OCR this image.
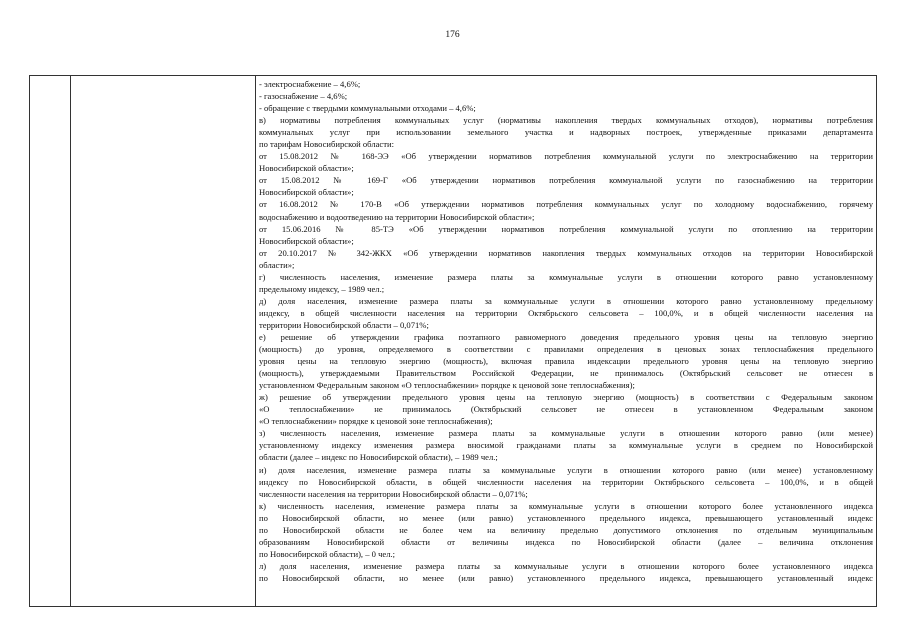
176
- электроснабжение – 4,6%;
- газоснабжение – 4,6%;
- обращение с твердыми коммунальными отходами – 4,6%;
в) нормативы потребления коммунальных услуг (нормативы накопления твердых коммунальных отходов), нормативы потребления
коммунальных услуг при использовании земельного участка и надворных построек, утвержденные приказами департамента
по тарифам Новосибирской области:
от 15.08.2012 № 168-ЭЭ «Об утверждении нормативов потребления коммунальной услуги по электроснабжению на территории
Новосибирской области»;
от 15.08.2012 № 169-Г «Об утверждении нормативов потребления коммунальной услуги по газоснабжению на территории
Новосибирской области»;
от 16.08.2012 № 170-В «Об утверждении нормативов потребления коммунальных услуг по холодному водоснабжению, горячему
водоснабжению и водоотведению на территории Новосибирской области»;
от 15.06.2016 № 85-ТЭ «Об утверждении нормативов потребления коммунальной услуги по отоплению на территории
Новосибирской области»;
от 20.10.2017 № 342-ЖКХ «Об утверждении нормативов накопления твердых коммунальных отходов на территории Новосибирской
области»;
г) численность населения, изменение размера платы за коммунальные услуги в отношении которого равно установленному
предельному индексу, – 1989 чел.;
д) доля населения, изменение размера платы за коммунальные услуги в отношении которого равно установленному предельному
индексу, в общей численности населения на территории Октябрьского сельсовета – 100,0%, и в общей численности населения на
территории Новосибирской области – 0,071%;
е) решение об утверждении графика поэтапного равномерного доведения предельного уровня цены на тепловую энергию
(мощность) до уровня, определяемого в соответствии с правилами определения в ценовых зонах теплоснабжения предельного
уровня цены на тепловую энергию (мощность), включая правила индексации предельного уровня цены на тепловую энергию
(мощность), утверждаемыми Правительством Российской Федерации, не принималось (Октябрьский сельсовет не отнесен в
установленном Федеральным законом «О теплоснабжении» порядке к ценовой зоне теплоснабжения);
ж) решение об утверждении предельного уровня цены на тепловую энергию (мощность) в соответствии с Федеральным законом
«О теплоснабжении» не принималось (Октябрьский сельсовет не отнесен в установленном Федеральным законом
«О теплоснабжении» порядке к ценовой зоне теплоснабжения);
з) численность населения, изменение размера платы за коммунальные услуги в отношении которого равно (или менее)
установленному индексу изменения размера вносимой гражданами платы за коммунальные услуги в среднем по Новосибирской
области (далее – индекс по Новосибирской области), – 1989 чел.;
и) доля населения, изменение размера платы за коммунальные услуги в отношении которого равно (или менее) установленному
индексу по Новосибирской области, в общей численности населения на территории Октябрьского сельсовета – 100,0%, и в общей
численности населения на территории Новосибирской области – 0,071%;
к) численность населения, изменение размера платы за коммунальные услуги в отношении которого более установленного индекса
по Новосибирской области, но менее (или равно) установленного предельного индекса, превышающего установленный индекс
по Новосибирской области не более чем на величину предельно допустимого отклонения по отдельным муниципальным
образованиям Новосибирской области от величины индекса по Новосибирской области (далее – величина отклонения
по Новосибирской области), – 0 чел.;
л) доля населения, изменение размера платы за коммунальные услуги в отношении которого более установленного индекса
по Новосибирской области, но менее (или равно) установленного предельного индекса, превышающего установленный индекс
